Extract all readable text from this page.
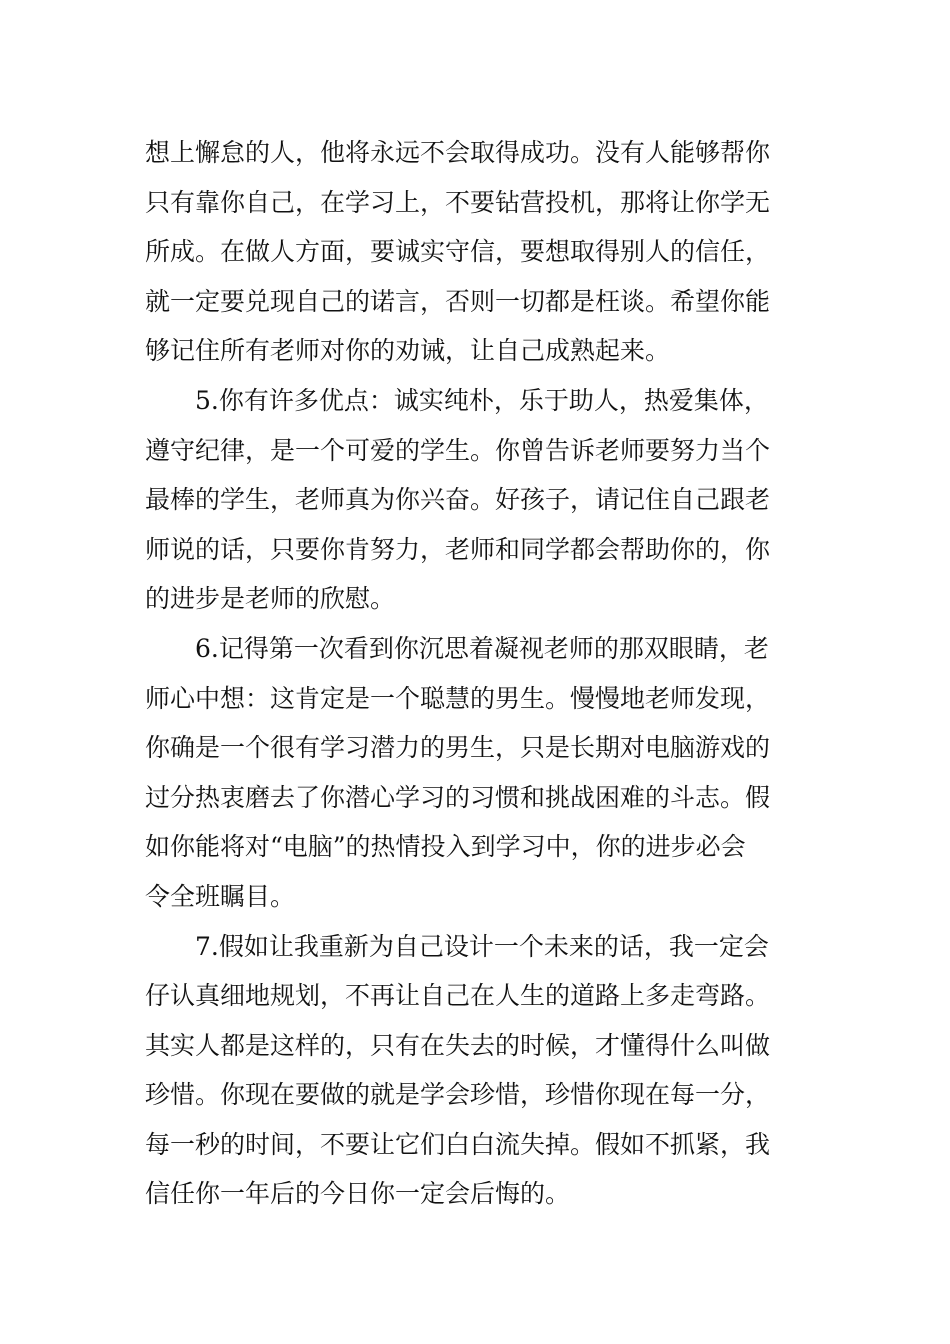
想上懈怠的人，他将永远不会取得成功。没有人能够帮你
只有靠你自己，在学习上，不要钻营投机，那将让你学无
所成。在做人方面，要诚实守信，要想取得别人的信任，
就一定要兑现自己的诺言，否则一切都是枉谈。希望你能
够记住所有老师对你的劝诫，让自己成熟起来。
5.你有许多优点：诚实纯朴，乐于助人，热爱集体，
遵守纪律，是一个可爱的学生。你曾告诉老师要努力当个
最棒的学生，老师真为你兴奋。好孩子，请记住自己跟老
师说的话，只要你肯努力，老师和同学都会帮助你的，你
的进步是老师的欣慰。
6.记得第一次看到你沉思着凝视老师的那双眼睛，老
师心中想：这肯定是一个聪慧的男生。慢慢地老师发现，
你确是一个很有学习潜力的男生，只是长期对电脑游戏的
过分热衷磨去了你潜心学习的习惯和挑战困难的斗志。假
如你能将对“电脑”的热情投入到学习中，你的进步必会
令全班瞩目。
7.假如让我重新为自己设计一个未来的话，我一定会
仔认真细地规划，不再让自己在人生的道路上多走弯路。
其实人都是这样的，只有在失去的时候，才懂得什么叫做
珍惜。你现在要做的就是学会珍惜，珍惜你现在每一分，
每一秒的时间，不要让它们白白流失掉。假如不抓紧，我
信任你一年后的今日你一定会后悔的。
